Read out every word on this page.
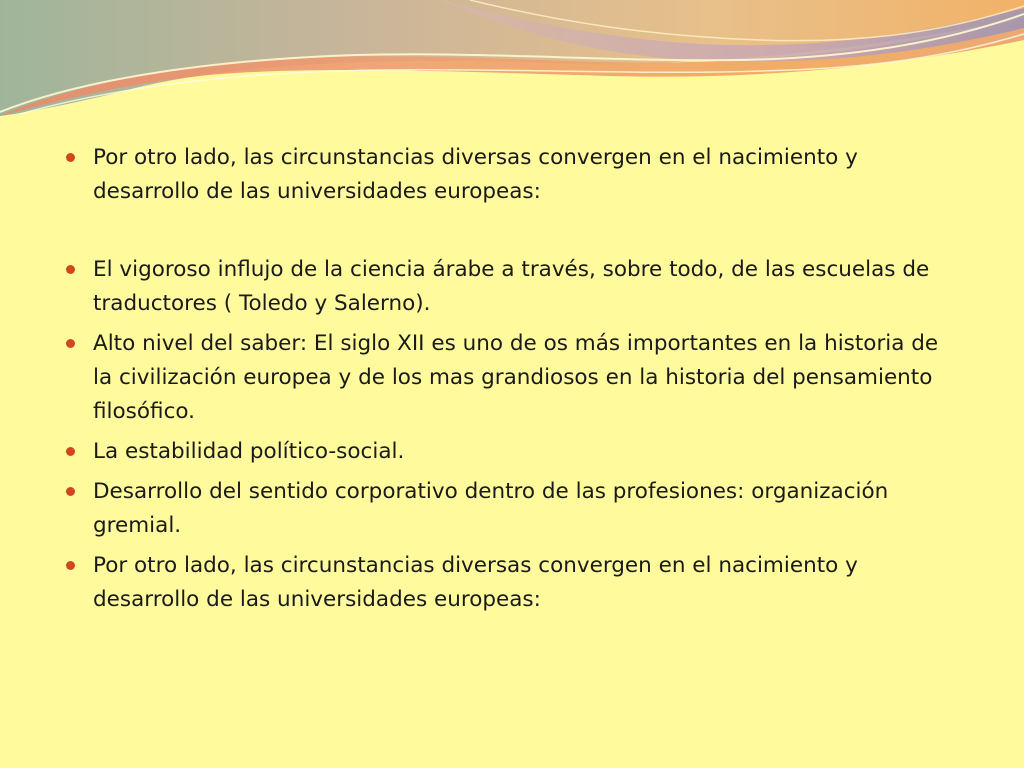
Por otro lado, las circunstancias diversas convergen en el nacimiento y desarrollo de las universidades europeas:
El vigoroso influjo de la ciencia árabe a través, sobre todo, de las escuelas de traductores ( Toledo y Salerno).
Alto nivel del saber: El siglo XII es uno de os más importantes en la historia de la civilización europea y de los mas grandiosos en la historia del pensamiento filosófico.
La estabilidad político-social.
Desarrollo del sentido corporativo dentro de las profesiones: organización gremial.
Por otro lado, las circunstancias diversas convergen en el nacimiento y desarrollo de las universidades europeas:
